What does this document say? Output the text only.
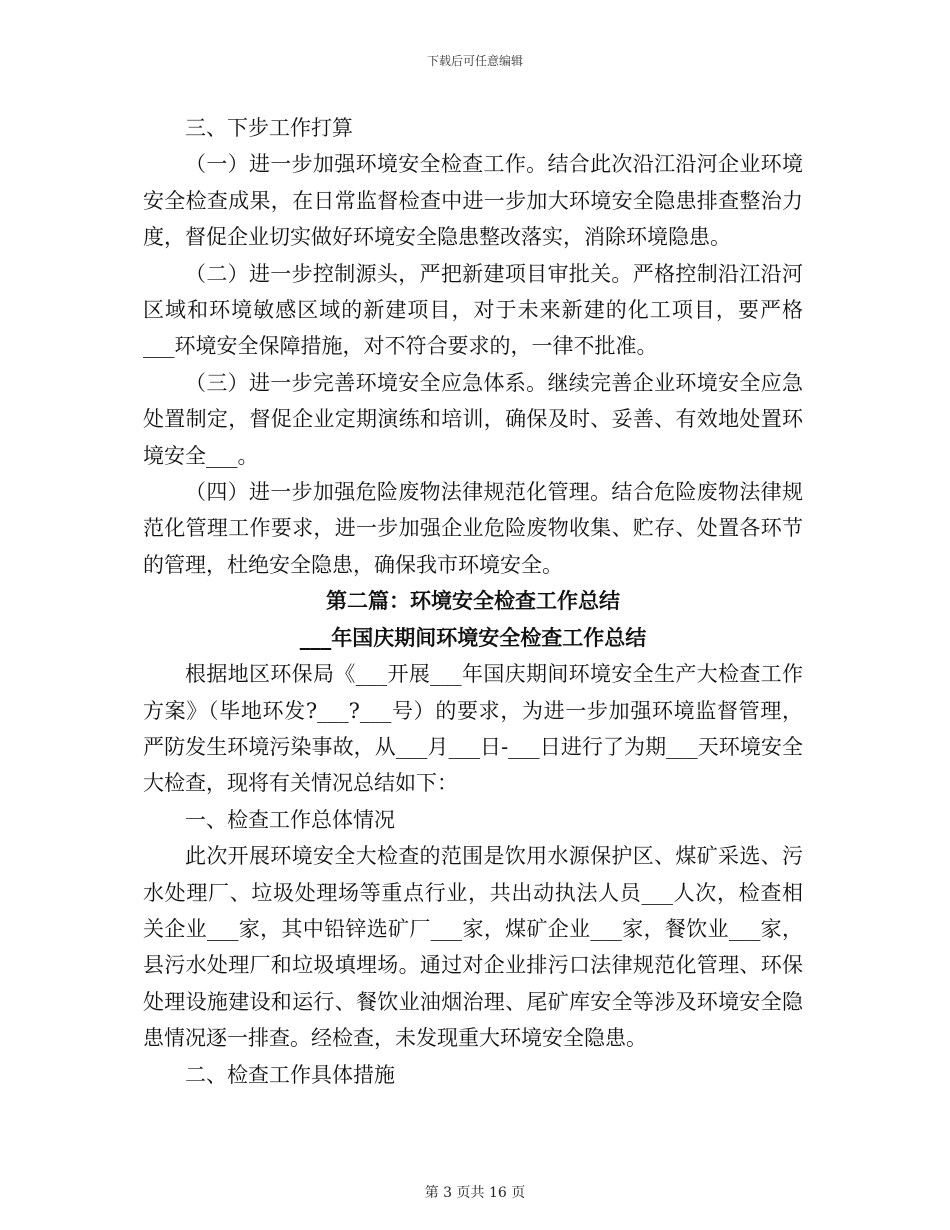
下载后可任意编辑

三、下步工作打算

（一）进一步加强环境安全检查工作。结合此次沿江沿河企业环境安全检查成果，在日常监督检查中进一步加大环境安全隐患排查整治力度，督促企业切实做好环境安全隐患整改落实，消除环境隐患。

（二）进一步控制源头，严把新建项目审批关。严格控制沿江沿河区域和环境敏感区域的新建项目，对于未来新建的化工项目，要严格___环境安全保障措施，对不符合要求的，一律不批准。

（三）进一步完善环境安全应急体系。继续完善企业环境安全应急处置制定，督促企业定期演练和培训，确保及时、妥善、有效地处置环境安全___。

（四）进一步加强危险废物法律规范化管理。结合危险废物法律规范化管理工作要求，进一步加强企业危险废物收集、贮存、处置各环节的管理，杜绝安全隐患，确保我市环境安全。

第二篇：环境安全检查工作总结

___年国庆期间环境安全检查工作总结

根据地区环保局《___开展___年国庆期间环境安全生产大检查工作方案》（毕地环发?___?___号）的要求，为进一步加强环境监督管理，严防发生环境污染事故，从___月___日-___日进行了为期___天环境安全大检查，现将有关情况总结如下：

一、检查工作总体情况

此次开展环境安全大检查的范围是饮用水源保护区、煤矿采选、污水处理厂、垃圾处理场等重点行业，共出动执法人员___人次，检查相关企业___家，其中铅锌选矿厂___家，煤矿企业___家，餐饮业___家，县污水处理厂和垃圾填埋场。通过对企业排污口法律规范化管理、环保处理设施建设和运行、餐饮业油烟治理、尾矿库安全等涉及环境安全隐患情况逐一排查。经检查，未发现重大环境安全隐患。

二、检查工作具体措施

第 3 页共 16 页
